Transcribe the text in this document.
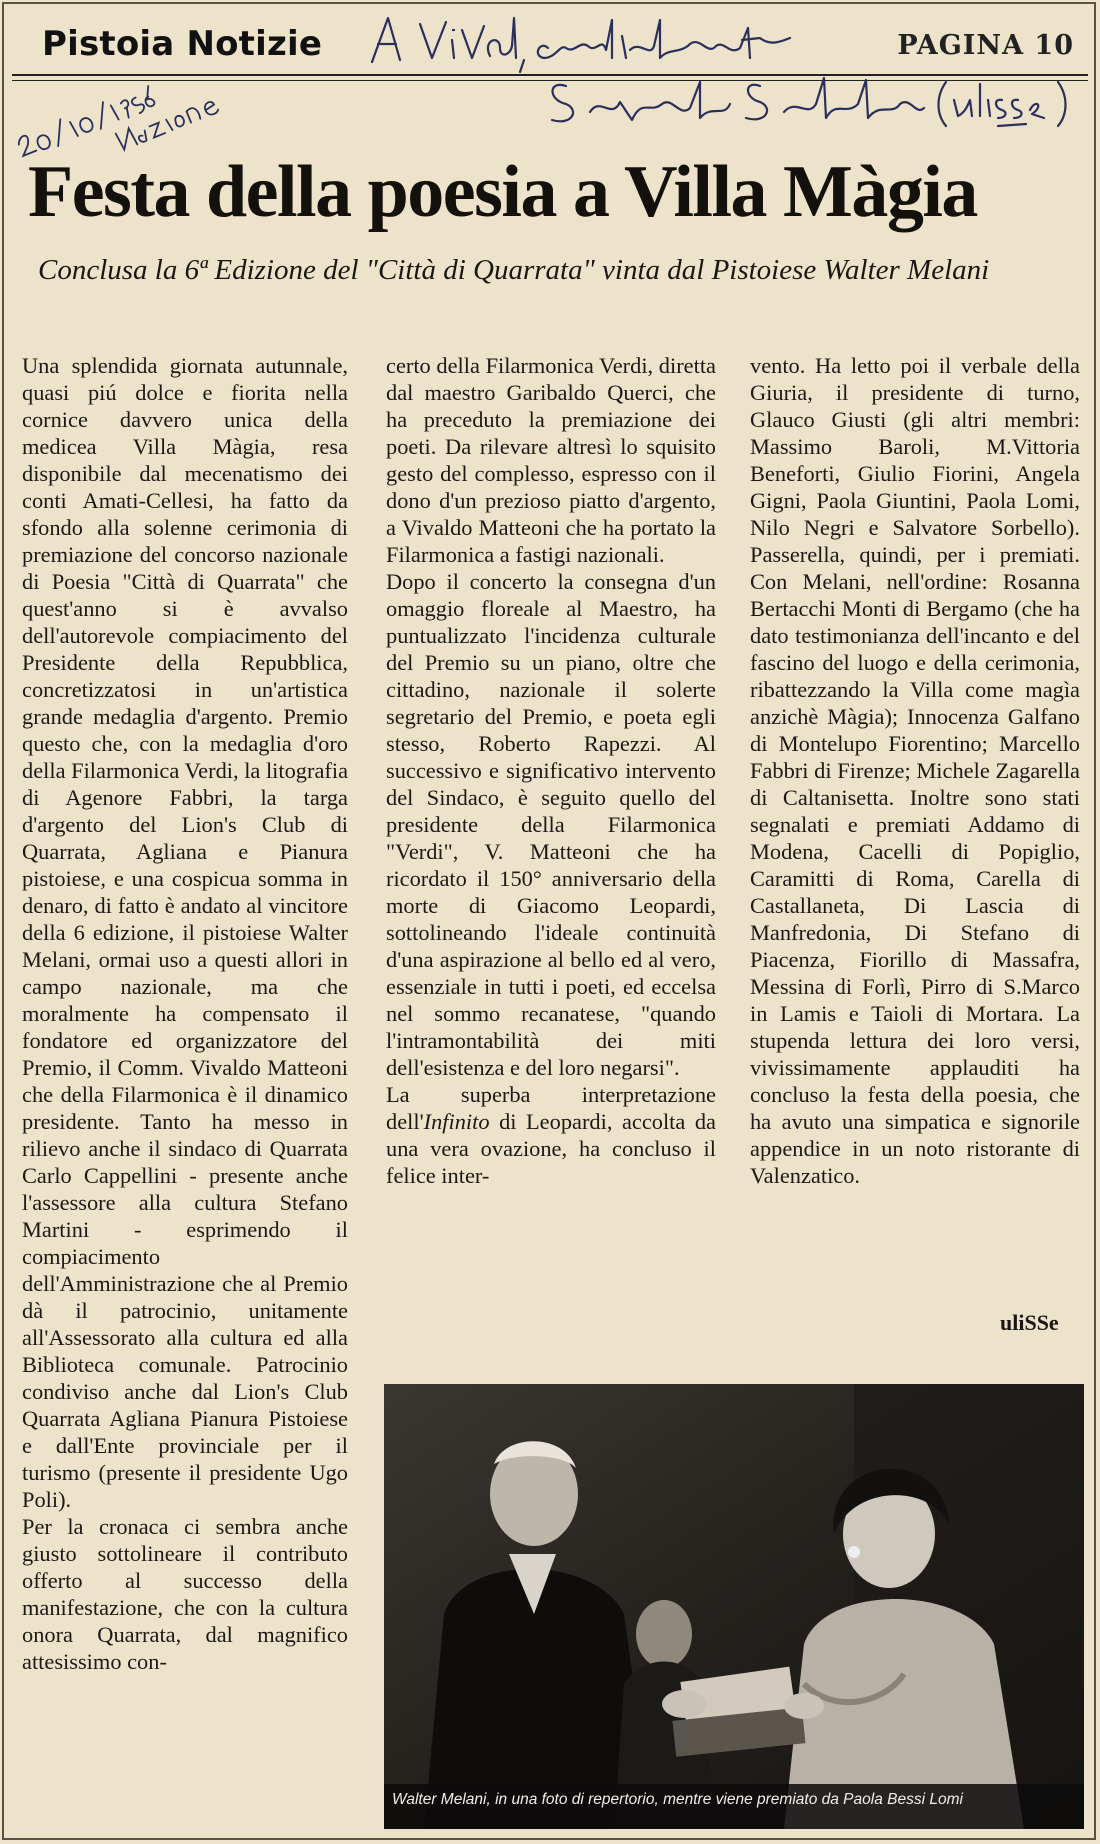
Pistoia Notizie	PAGINA 10
Festa della poesia a Villa Màgia
Conclusa la 6ª Edizione del "Città di Quarrata" vinta dal Pistoiese Walter Melani

Una splendida giornata autunnale, quasi piú dolce e fiorita nella cornice davvero unica della medicea Villa Màgia, resa disponibile dal mecenatismo dei conti Amati-Cellesi, ha fatto da sfondo alla solenne cerimonia di premiazione del concorso nazionale di Poesia "Città di Quarrata" che quest'anno si è avvalso dell'autorevole compiacimento del Presidente della Repubblica, concretizzatosi in un'artistica grande medaglia d'argento. Premio questo che, con la medaglia d'oro della Filarmonica Verdi, la litografia di Agenore Fabbri, la targa d'argento del Lion's Club di Quarrata, Agliana e Pianura pistoiese, e una cospicua somma in denaro, di fatto è andato al vincitore della 6 edizione, il pistoiese Walter Melani, ormai uso a questi allori in campo nazionale, ma che moralmente ha compensato il fondatore ed organizzatore del Premio, il Comm. Vivaldo Matteoni che della Filarmonica è il dinamico presidente. Tanto ha messo in rilievo anche il sindaco di Quarrata Carlo Cappellini - presente anche l'assessore alla cultura Stefano Martini - esprimendo il compiacimento dell'Amministrazione che al Premio dà il patrocinio, unitamente all'Assessorato alla cultura ed alla Biblioteca comunale. Patrocinio condiviso anche dal Lion's Club Quarrata Agliana Pianura Pistoiese e dall'Ente provinciale per il turismo (presente il presidente Ugo Poli).

Per la cronaca ci sembra anche giusto sottolineare il contributo offerto al successo della manifestazione, che con la cultura onora Quarrata, dal magnifico attesissimo con-

certo della Filarmonica Verdi, diretta dal maestro Garibaldo Querci, che ha preceduto la premiazione dei poeti. Da rilevare altresì lo squisito gesto del complesso, espresso con il dono d'un prezioso piatto d'argento, a Vivaldo Matteoni che ha portato la Filarmonica a fastigi nazionali.

Dopo il concerto la consegna d'un omaggio floreale al Maestro, ha puntualizzato l'incidenza culturale del Premio su un piano, oltre che cittadino, nazionale il solerte segretario del Premio, e poeta egli stesso, Roberto Rapezzi. Al successivo e significativo intervento del Sindaco, è seguito quello del presidente della Filarmonica "Verdi", V. Matteoni che ha ricordato il 150° anniversario della morte di Giacomo Leopardi, sottolineando l'ideale continuità d'una aspirazione al bello ed al vero, essenziale in tutti i poeti, ed eccelsa nel sommo recanatese, "quando l'intramontabilità dei miti dell'esistenza e del loro negarsi".

La superba interpretazione dell'Infinito di Leopardi, accolta da una vera ovazione, ha concluso il felice inter-

vento. Ha letto poi il verbale della Giuria, il presidente di turno, Glauco Giusti (gli altri membri: Massimo Baroli, M.Vittoria Beneforti, Giulio Fiorini, Angela Gigni, Paola Giuntini, Paola Lomi, Nilo Negri e Salvatore Sorbello). Passerella, quindi, per i premiati. Con Melani, nell'ordine: Rosanna Bertacchi Monti di Bergamo (che ha dato testimonianza dell'incanto e del fascino del luogo e della cerimonia, ribattezzando la Villa come magìa anzichè Màgia); Innocenza Galfano di Montelupo Fiorentino; Marcello Fabbri di Firenze; Michele Zagarella di Caltanisetta. Inoltre sono stati segnalati e premiati Addamo di Modena, Cacelli di Popiglio, Caramitti di Roma, Carella di Castallaneta, Di Lascia di Manfredonia, Di Stefano di Piacenza, Fiorillo di Massafra, Messina di Forlì, Pirro di S.Marco in Lamis e Taioli di Mortara. La stupenda lettura dei loro versi, vivissimamente applauditi ha concluso la festa della poesia, che ha avuto una simpatica e signorile appendice in un noto ristorante di Valenzatico.

uliSSe
Walter Melani, in una foto di repertorio, mentre viene premiato da Paola Bessi Lomi
